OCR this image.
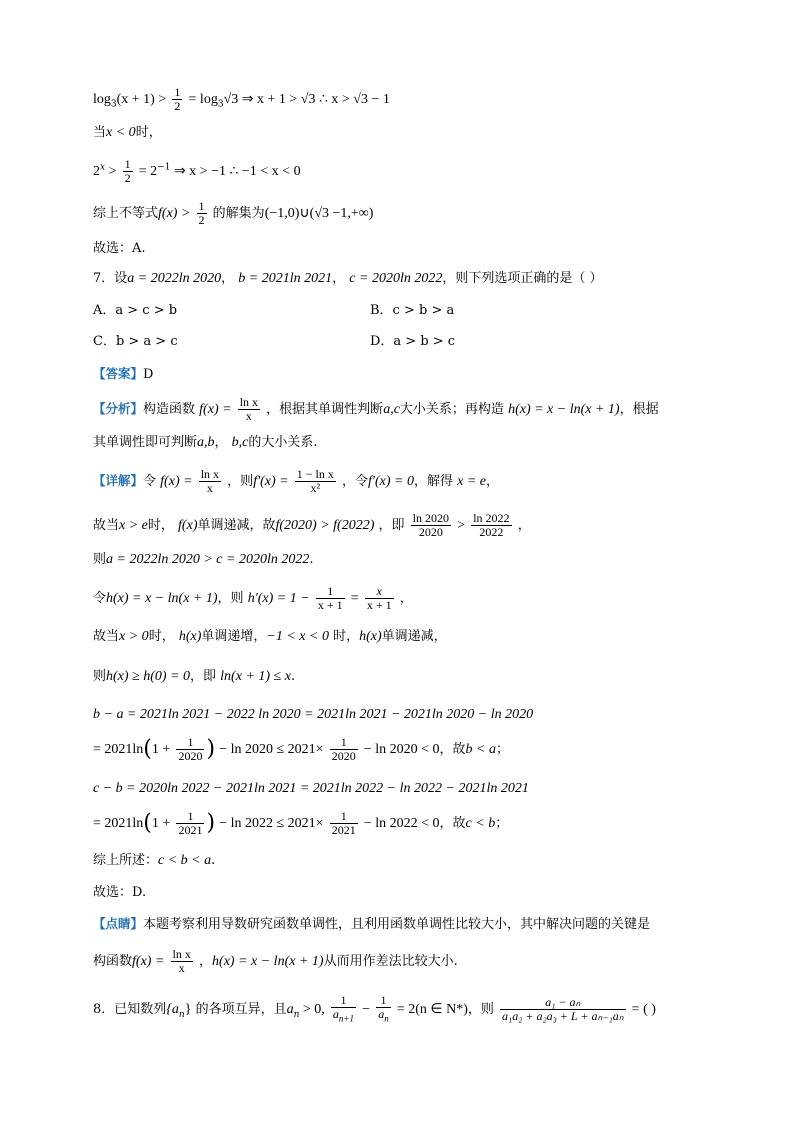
$\log_3(x + 1) > \frac{1}{2} = \log_3√3$ ⇒ x + 1 > √3 ∴ x > √3 − 1
当x < 0时，
$2^x > \frac{1}{2} = 2^{-1}$ ⇒ x > −1 ∴ −1 < x < 0
综上不等式$f(x) > \frac{1}{2}$ 的解集为(−1,0)∪(√3 −1,+∞)
故选：A.
7．设a = 2022ln 2020， b = 2021ln 2021， c = 2020ln 2022，则下列选项正确的是（ ）
A．a > c > b	B．c > b > a
C．b > a > c	D．a > b > c
【答案】D
【分析】构造函数 $f(x) = \frac{\text{ln x}}{x}$ ，根据其单调性判断a,c大小关系；再构造 h(x) = x − ln(x + 1)，根据
其单调性即可判断a,b， b,c的大小关系.
【详解】令 $f(x) = \frac{\text{ln x}}{x}$ ，则$f'(x) = \frac{\text{1 − ln x}}{\text{x²}}$ ，令f′(x) = 0，解得 x = e，
故当x > e时， f(x)单调递减，故f(2020) > f(2022) ，即 $\frac{\ln 2020}{2020} > \frac{\ln 2022}{2022}$ ，
则a = 2022ln 2020 > c = 2020ln 2022.
令h(x) = x − ln(x + 1)，则 $h'(x) = 1 - \frac{1}{x + 1} = \frac{x}{x + 1}$ ，
故当x > 0时， h(x)单调递增，−1 < x < 0 时，h(x)单调递减，
则h(x) ≥ h(0) = 0，即 ln(x + 1) ≤ x.
b − a = 2021ln 2021 − 2022 ln 2020 = 2021ln 2021 − 2021ln 2020 − ln 2020
= $2021\ln(1 + \frac{1}{2020}$ ) − $\ln 2020 \le 2021\times \frac{1}{2020} - \ln 2020 < 0$，故b < a；
c − b = 2020ln 2022 − 2021ln 2021 = 2021ln 2022 − ln 2022 − 2021ln 2021
= $2021\ln(1 + \frac{1}{2021}$ ) − $\ln 2022 \le 2021\times \frac{1}{2021} - \ln 2022 < 0$，故c < b；
综上所述：c < b < a.
故选：D.
【点睛】本题考察利用导数研究函数单调性，且利用函数单调性比较大小，其中解决问题的关键是
构函数$f(x) = \frac{\text{ln x}}{x}$ ，h(x) = x − ln(x + 1)从而用作差法比较大小.
8．已知数列$\{a_n\}$ 的各项互异，且$a_n > 0$, $\frac{1}{a_{n+1}} - \frac{1}{a_n} = 2(n$ ∈ N*)，则 $\frac{\text{a₁ − aₙ}}{\text{a₁a₂ + a₂a₃ + L + aₙ₋₁aₙ}}$ = ( )
